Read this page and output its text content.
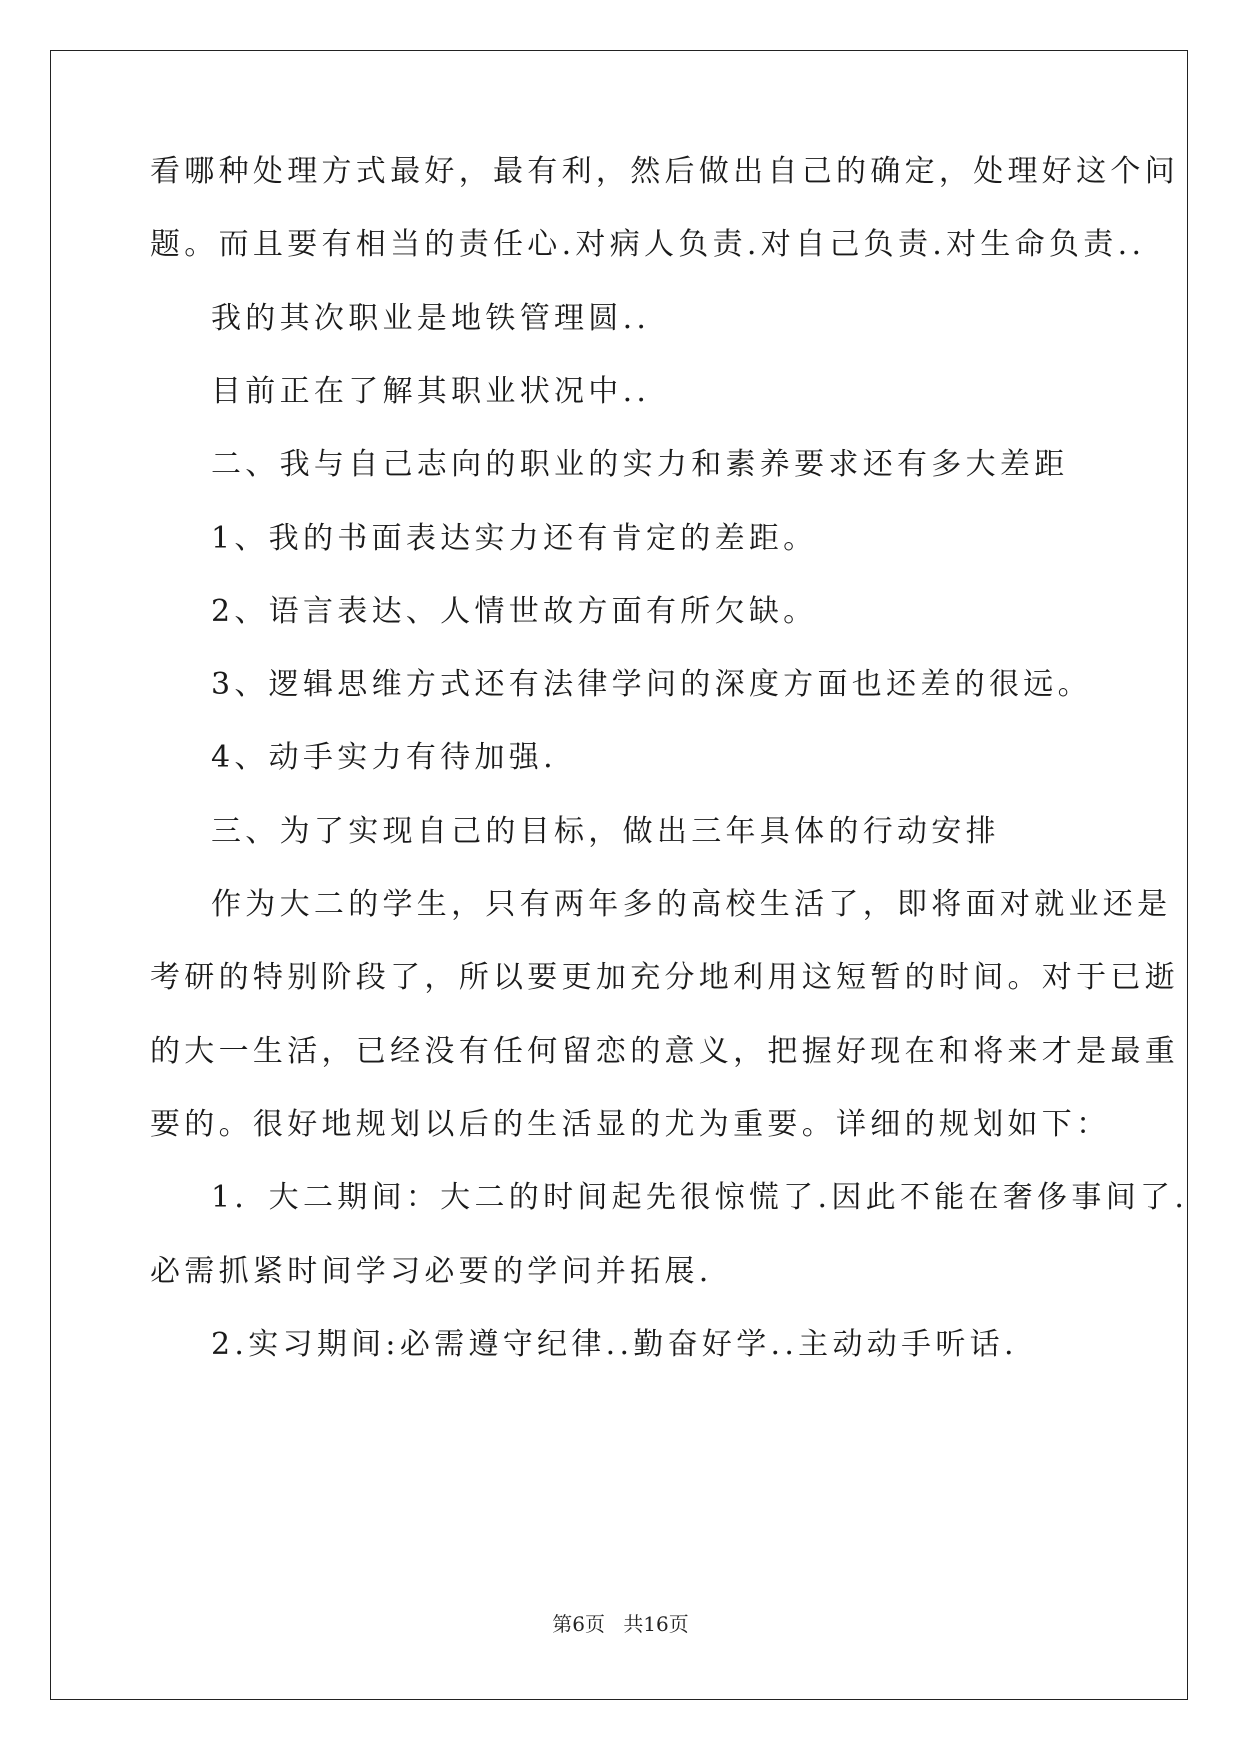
看哪种处理方式最好，最有利，然后做出自己的确定，处理好这个问
题。而且要有相当的责任心.对病人负责.对自己负责.对生命负责..
我的其次职业是地铁管理圆..
目前正在了解其职业状况中..
二、我与自己志向的职业的实力和素养要求还有多大差距
1、我的书面表达实力还有肯定的差距。
2、语言表达、人情世故方面有所欠缺。
3、逻辑思维方式还有法律学问的深度方面也还差的很远。
4、动手实力有待加强.
三、为了实现自己的目标，做出三年具体的行动安排
作为大二的学生，只有两年多的高校生活了，即将面对就业还是
考研的特别阶段了，所以要更加充分地利用这短暂的时间。对于已逝
的大一生活，已经没有任何留恋的意义，把握好现在和将来才是最重
要的。很好地规划以后的生活显的尤为重要。详细的规划如下：
1．大二期间：大二的时间起先很惊慌了.因此不能在奢侈事间了.
必需抓紧时间学习必要的学问并拓展.
2.实习期间:必需遵守纪律..勤奋好学..主动动手听话.
第6页 共16页
